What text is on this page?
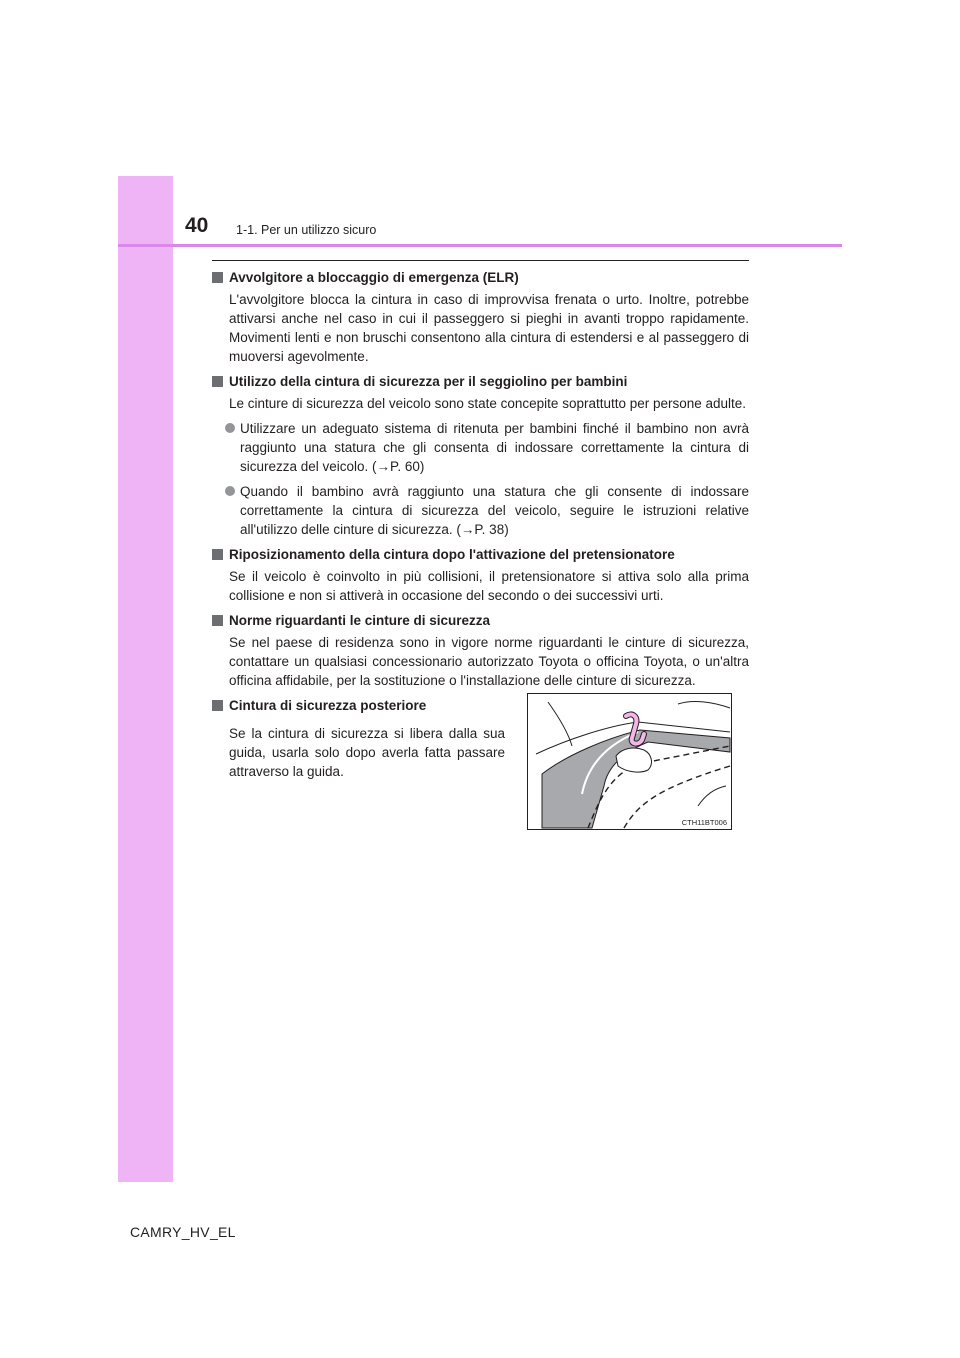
40 1-1. Per un utilizzo sicuro
Avvolgitore a bloccaggio di emergenza (ELR)
L'avvolgitore blocca la cintura in caso di improvvisa frenata o urto. Inoltre, potrebbe attivarsi anche nel caso in cui il passeggero si pieghi in avanti troppo rapidamente. Movimenti lenti e non bruschi consentono alla cintura di estendersi e al passeggero di muoversi agevolmente.
Utilizzo della cintura di sicurezza per il seggiolino per bambini
Le cinture di sicurezza del veicolo sono state concepite soprattutto per persone adulte.
Utilizzare un adeguato sistema di ritenuta per bambini finché il bambino non avrà raggiunto una statura che gli consenta di indossare correttamente la cintura di sicurezza del veicolo. (→P. 60)
Quando il bambino avrà raggiunto una statura che gli consente di indossare correttamente la cintura di sicurezza del veicolo, seguire le istruzioni relative all'utilizzo delle cinture di sicurezza. (→P. 38)
Riposizionamento della cintura dopo l'attivazione del pretensionatore
Se il veicolo è coinvolto in più collisioni, il pretensionatore si attiva solo alla prima collisione e non si attiverà in occasione del secondo o dei successivi urti.
Norme riguardanti le cinture di sicurezza
Se nel paese di residenza sono in vigore norme riguardanti le cinture di sicurezza, contattare un qualsiasi concessionario autorizzato Toyota o officina Toyota, o un'altra officina affidabile, per la sostituzione o l'installazione delle cinture di sicurezza.
Cintura di sicurezza posteriore
Se la cintura di sicurezza si libera dalla sua guida, usarla solo dopo averla fatta passare attraverso la guida.
CTH11BT006
CAMRY_HV_EL
